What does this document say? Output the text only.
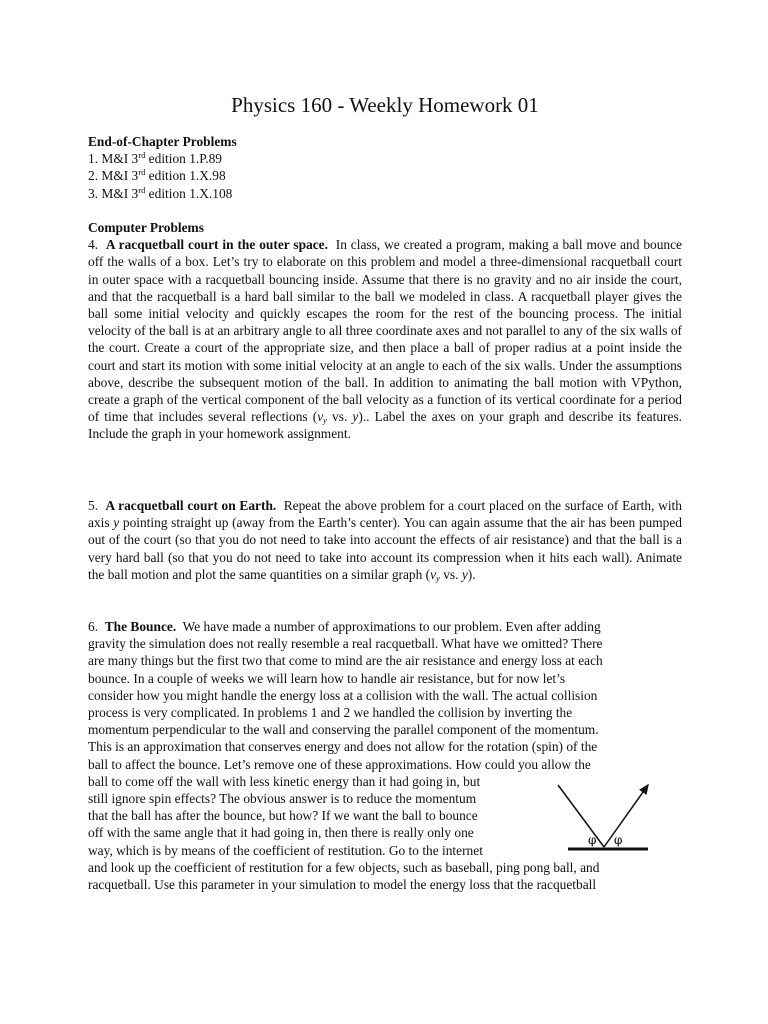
Physics 160 - Weekly Homework 01
End-of-Chapter Problems
1. M&I 3rd edition 1.P.89
2. M&I 3rd edition 1.X.98
3. M&I 3rd edition 1.X.108
Computer Problems

4. A racquetball court in the outer space. In class, we created a program, making a ball move and bounce off the walls of a box. Let’s try to elaborate on this problem and model a three-dimensional racquetball court in outer space with a racquetball bouncing inside. Assume that there is no gravity and no air inside the court, and that the racquetball is a hard ball similar to the ball we modeled in class. A racquetball player gives the ball some initial velocity and quickly escapes the room for the rest of the bouncing process. The initial velocity of the ball is at an arbitrary angle to all three coordinate axes and not parallel to any of the six walls of the court. Create a court of the appropriate size, and then place a ball of proper radius at a point inside the court and start its motion with some initial velocity at an angle to each of the six walls. Under the assumptions above, describe the subsequent motion of the ball. In addition to animating the ball motion with VPython, create a graph of the vertical component of the ball velocity as a function of its vertical coordinate for a period of time that includes several reflections ($v_y$ vs. y).. Label the axes on your graph and describe its features. Include the graph in your homework assignment.

5. A racquetball court on Earth. Repeat the above problem for a court placed on the surface of Earth, with axis y pointing straight up (away from the Earth’s center). You can again assume that the air has been pumped out of the court (so that you do not need to take into account the effects of air resistance) and that the ball is a very hard ball (so that you do not need to take into account its compression when it hits each wall). Animate the ball motion and plot the same quantities on a similar graph ($v_y$ vs. y).

6. The Bounce. We have made a number of approximations to our problem. Even after adding
gravity the simulation does not really resemble a real racquetball. What have we omitted? There
are many things but the first two that come to mind are the air resistance and energy loss at each
bounce. In a couple of weeks we will learn how to handle air resistance, but for now let’s
consider how you might handle the energy loss at a collision with the wall. The actual collision
process is very complicated. In problems 1 and 2 we handled the collision by inverting the
momentum perpendicular to the wall and conserving the parallel component of the momentum.
This is an approximation that conserves energy and does not allow for the rotation (spin) of the
ball to affect the bounce. Let’s remove one of these approximations. How could you allow the
ball to come off the wall with less kinetic energy than it had going in, but
still ignore spin effects? The obvious answer is to reduce the momentum
that the ball has after the bounce, but how? If we want the ball to bounce
off with the same angle that it had going in, then there is really only one
way, which is by means of the coefficient of restitution. Go to the internet
and look up the coefficient of restitution for a few objects, such as baseball, ping pong ball, and
racquetball. Use this parameter in your simulation to model the energy loss that the racquetball
φ φ
